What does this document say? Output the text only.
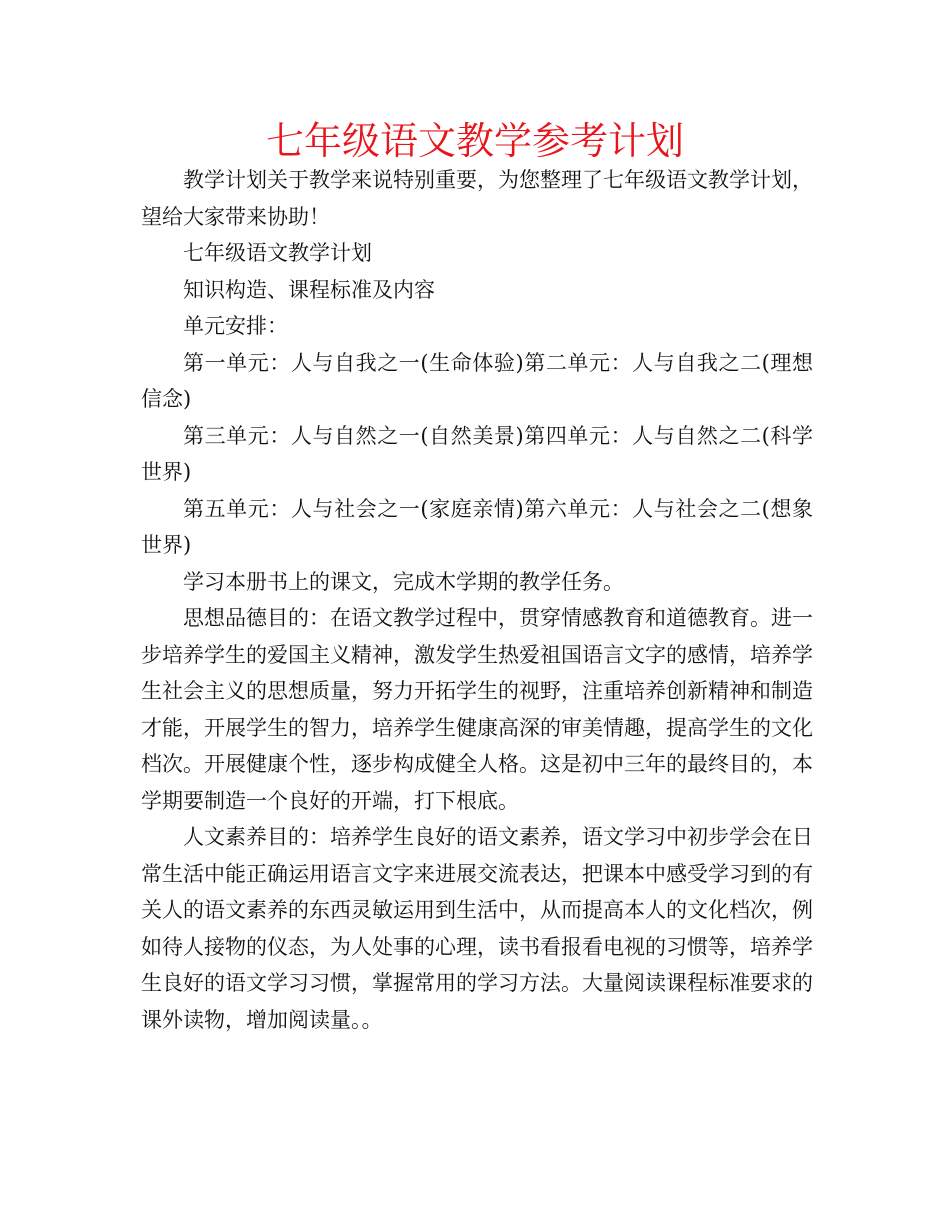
七年级语文教学参考计划

教学计划关于教学来说特别重要，为您整理了七年级语文教学计划，望给大家带来协助！

七年级语文教学计划

知识构造、课程标准及内容

单元安排：

第一单元：人与自我之一(生命体验)第二单元：人与自我之二(理想信念)

第三单元：人与自然之一(自然美景)第四单元：人与自然之二(科学世界)

第五单元：人与社会之一(家庭亲情)第六单元：人与社会之二(想象世界)

学习本册书上的课文，完成木学期的教学任务。

思想品德目的：在语文教学过程中，贯穿情感教育和道德教育。进一步培养学生的爱国主义精神，激发学生热爱祖国语言文字的感情，培养学生社会主义的思想质量，努力开拓学生的视野，注重培养创新精神和制造才能，开展学生的智力，培养学生健康高深的审美情趣，提高学生的文化档次。开展健康个性，逐步构成健全人格。这是初中三年的最终目的，本学期要制造一个良好的开端，打下根底。

人文素养目的：培养学生良好的语文素养，语文学习中初步学会在日常生活中能正确运用语言文字来进展交流表达，把课本中感受学习到的有关人的语文素养的东西灵敏运用到生活中，从而提高本人的文化档次，例如待人接物的仪态，为人处事的心理，读书看报看电视的习惯等，培养学生良好的语文学习习惯，掌握常用的学习方法。大量阅读课程标准要求的课外读物，增加阅读量。。
